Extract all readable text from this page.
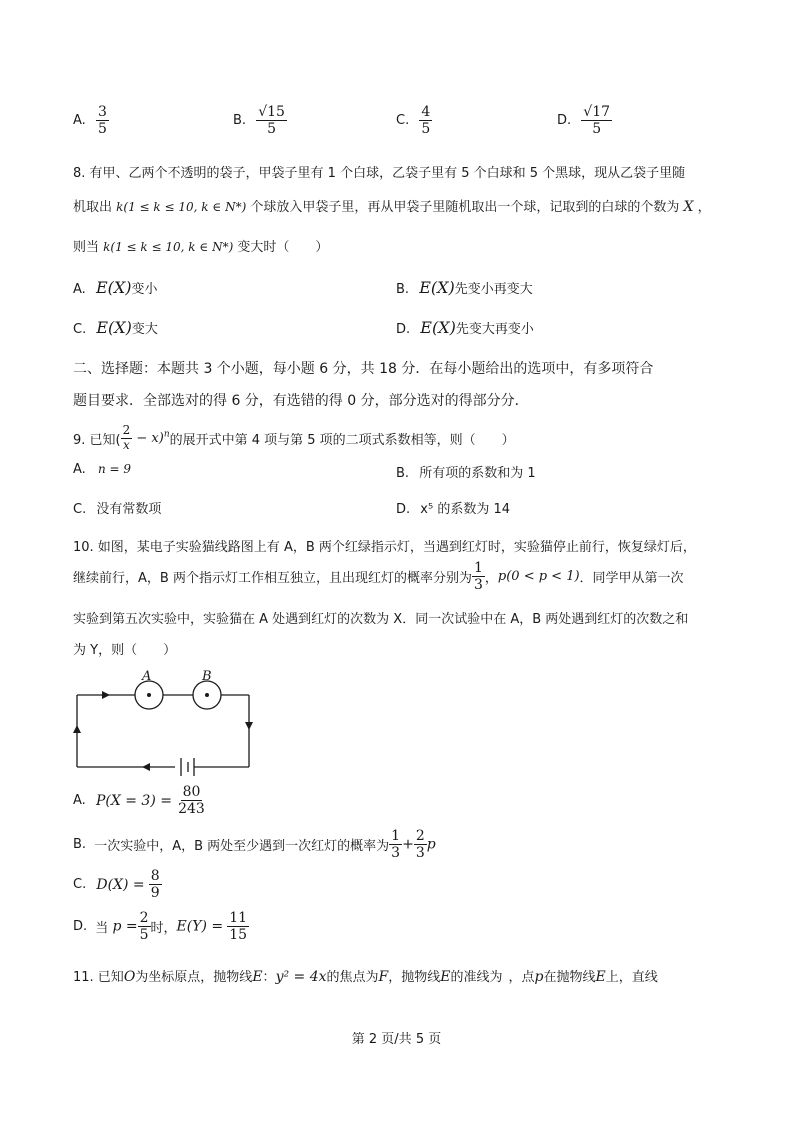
A. $\frac{3}{5}$	B. $\frac{√15}{5}$	C. $\frac{4}{5}$	D. $\frac{√17}{5}$
8. 有甲、乙两个不透明的袋子，甲袋子里有 1 个白球，乙袋子里有 5 个白球和 5 个黑球，现从乙袋子里随
机取出 k(1 ≤ k ≤ 10, k ∈ N*) 个球放入甲袋子里，再从甲袋子里随机取出一个球，记取到的白球的个数为 X ，
则当 k(1 ≤ k ≤ 10, k ∈ N*) 变大时（　　）
A. E(X)变小	B. E(X)先变小再变大
C. E(X)变大	D. E(X)先变大再变小
二、选择题：本题共 3 个小题，每小题 6 分，共 18 分．在每小题给出的选项中，有多项符合
题目要求．全部选对的得 6 分，有选错的得 0 分，部分选对的得部分分．
9. 已知( $\frac{2}{x} - x)^n$的展开式中第 4 项与第 5 项的二项式系数相等，则（　　）
A. n = 9	B. 所有项的系数和为 1
C. 没有常数项	D. x⁵ 的系数为 14
10. 如图，某电子实验猫线路图上有 A，B 两个红绿指示灯，当遇到红灯时，实验猫停止前行，恢复绿灯后，
继续前行，A，B 两个指示灯工作相互独立，且出现红灯的概率分别为 $\frac{1}{3}$ ，p(0 < p < 1)．同学甲从第一次
实验到第五次实验中，实验猫在 A 处遇到红灯的次数为 X．同一次试验中在 A，B 两处遇到红灯的次数之和
为 Y，则（　　）
A	B
A. $P(X = 3) = \frac{80}{243}$
B. 一次实验中，A，B 两处至少遇到一次红灯的概率为 $\frac{1}{3} + \frac{2}{3}$ p
C. $D(X) = \frac{8}{9}$
D. 当 $p = \frac{2}{5}$ 时，$E(Y) = \frac{11}{15}$
11. 已知O为坐标原点，抛物线E：y² = 4x的焦点为F，抛物线E的准线为 ，点p在抛物线E上，直线
第 2 页/共 5 页
